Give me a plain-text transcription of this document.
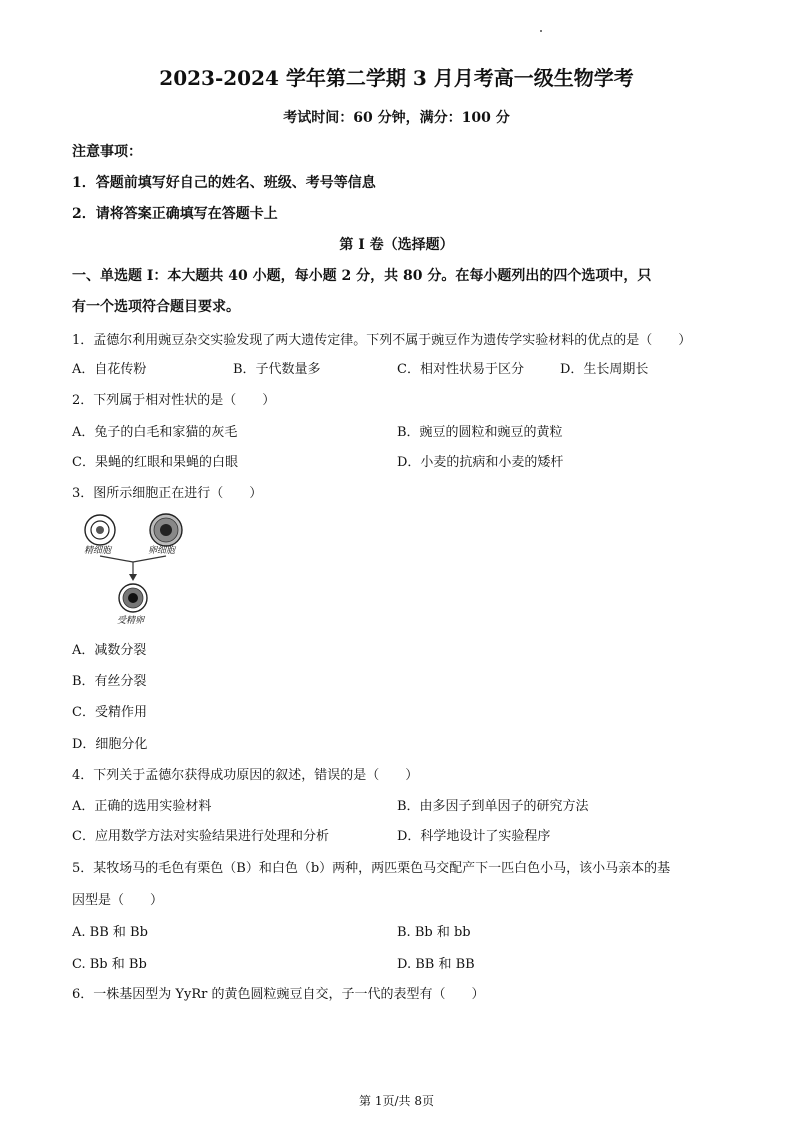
2023-2024 学年第二学期 3 月月考高一级生物学考
考试时间：60 分钟，满分：100 分
注意事项：
1．答题前填写好自己的姓名、班级、考号等信息
2．请将答案正确填写在答题卡上
第 I 卷（选择题）
一、单选题 I：本大题共 40 小题，每小题 2 分，共 80 分。在每小题列出的四个选项中，只
有一个选项符合题目要求。
1．孟德尔利用豌豆杂交实验发现了两大遗传定律。下列不属于豌豆作为遗传学实验材料的优点的是（　　）
A．自花传粉	B．子代数量多	C．相对性状易于区分	D．生长周期长
2．下列属于相对性状的是（　　）
A．兔子的白毛和家猫的灰毛	B．豌豆的圆粒和豌豆的黄粒
C．果蝇的红眼和果蝇的白眼	D．小麦的抗病和小麦的矮杆
3．图所示细胞正在进行（　　）
精细胞	卵细胞
受精卵
A．减数分裂
B．有丝分裂
C．受精作用
D．细胞分化
4．下列关于孟德尔获得成功原因的叙述，错误的是（　　）
A．正确的选用实验材料	B．由多因子到单因子的研究方法
C．应用数学方法对实验结果进行处理和分析	D．科学地设计了实验程序
5．某牧场马的毛色有栗色（B）和白色（b）两种，两匹栗色马交配产下一匹白色小马，该小马亲本的基
因型是（　　）
A. BB 和 Bb	B. Bb 和 bb
C. Bb 和 Bb	D. BB 和 BB
6．一株基因型为 YyRr 的黄色圆粒豌豆自交，子一代的表型有（　　）
第 1页/共 8页
